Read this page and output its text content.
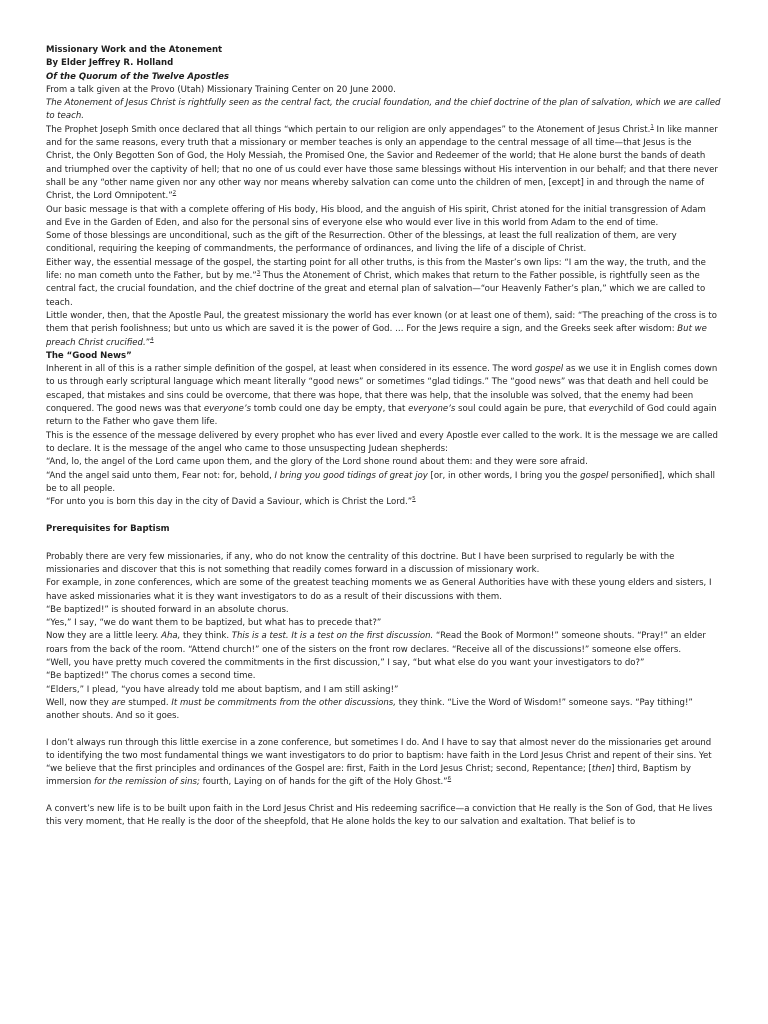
Missionary Work and the Atonement

By Elder Jeffrey R. Holland

Of the Quorum of the Twelve Apostles

From a talk given at the Provo (Utah) Missionary Training Center on 20 June 2000.

The Atonement of Jesus Christ is rightfully seen as the central fact, the crucial foundation, and the chief doctrine of the plan of salvation, which we are called to teach.

The Prophet Joseph Smith once declared that all things “which pertain to our religion are only appendages” to the Atonement of Jesus Christ.$^1$ In like manner and for the same reasons, every truth that a missionary or member teaches is only an appendage to the central message of all time—that Jesus is the Christ, the Only Begotten Son of God, the Holy Messiah, the Promised One, the Savior and Redeemer of the world; that He alone burst the bands of death and triumphed over the captivity of hell; that no one of us could ever have those same blessings without His intervention in our behalf; and that there never shall be any “other name given nor any other way nor means whereby salvation can come unto the children of men, [except] in and through the name of Christ, the Lord Omnipotent.”$^2$

Our basic message is that with a complete offering of His body, His blood, and the anguish of His spirit, Christ atoned for the initial transgression of Adam and Eve in the Garden of Eden, and also for the personal sins of everyone else who would ever live in this world from Adam to the end of time.

Some of those blessings are unconditional, such as the gift of the Resurrection. Other of the blessings, at least the full realization of them, are very conditional, requiring the keeping of commandments, the performance of ordinances, and living the life of a disciple of Christ.

Either way, the essential message of the gospel, the starting point for all other truths, is this from the Master’s own lips: “I am the way, the truth, and the life: no man cometh unto the Father, but by me.”$^3$ Thus the Atonement of Christ, which makes that return to the Father possible, is rightfully seen as the central fact, the crucial foundation, and the chief doctrine of the great and eternal plan of salvation—“our Heavenly Father’s plan,” which we are called to teach.

Little wonder, then, that the Apostle Paul, the greatest missionary the world has ever known (or at least one of them), said: “The preaching of the cross is to them that perish foolishness; but unto us which are saved it is the power of God. … For the Jews require a sign, and the Greeks seek after wisdom: But we preach Christ crucified.”$^4$

The “Good News”

Inherent in all of this is a rather simple definition of the gospel, at least when considered in its essence. The word gospel as we use it in English comes down to us through early scriptural language which meant literally “good news” or sometimes “glad tidings.” The “good news” was that death and hell could be escaped, that mistakes and sins could be overcome, that there was hope, that there was help, that the insoluble was solved, that the enemy had been conquered. The good news was that everyone’s tomb could one day be empty, that everyone’s soul could again be pure, that everychild of God could again return to the Father who gave them life.

This is the essence of the message delivered by every prophet who has ever lived and every Apostle ever called to the work. It is the message we are called to declare. It is the message of the angel who came to those unsuspecting Judean shepherds:

“And, lo, the angel of the Lord came upon them, and the glory of the Lord shone round about them: and they were sore afraid.

“And the angel said unto them, Fear not: for, behold, I bring you good tidings of great joy [or, in other words, I bring you the gospel personified], which shall be to all people.

“For unto you is born this day in the city of David a Saviour, which is Christ the Lord.”$^5$

Prerequisites for Baptism

Probably there are very few missionaries, if any, who do not know the centrality of this doctrine. But I have been surprised to regularly be with the missionaries and discover that this is not something that readily comes forward in a discussion of missionary work.

For example, in zone conferences, which are some of the greatest teaching moments we as General Authorities have with these young elders and sisters, I have asked missionaries what it is they want investigators to do as a result of their discussions with them.

“Be baptized!” is shouted forward in an absolute chorus.

“Yes,” I say, “we do want them to be baptized, but what has to precede that?”

Now they are a little leery. Aha, they think. This is a test. It is a test on the first discussion. “Read the Book of Mormon!” someone shouts. “Pray!” an elder roars from the back of the room. “Attend church!” one of the sisters on the front row declares. “Receive all of the discussions!” someone else offers.

“Well, you have pretty much covered the commitments in the first discussion,” I say, “but what else do you want your investigators to do?”

“Be baptized!” The chorus comes a second time.

“Elders,” I plead, “you have already told me about baptism, and I am still asking!”

Well, now they are stumped. It must be commitments from the other discussions, they think. “Live the Word of Wisdom!” someone says. “Pay tithing!” another shouts. And so it goes.

I don’t always run through this little exercise in a zone conference, but sometimes I do. And I have to say that almost never do the missionaries get around to identifying the two most fundamental things we want investigators to do prior to baptism: have faith in the Lord Jesus Christ and repent of their sins. Yet “we believe that the first principles and ordinances of the Gospel are: first, Faith in the Lord Jesus Christ; second, Repentance; [then] third, Baptism by immersion for the remission of sins; fourth, Laying on of hands for the gift of the Holy Ghost.”$^6$

A convert’s new life is to be built upon faith in the Lord Jesus Christ and His redeeming sacrifice—a conviction that He really is the Son of God, that He lives this very moment, that He really is the door of the sheepfold, that He alone holds the key to our salvation and exaltation. That belief is to
